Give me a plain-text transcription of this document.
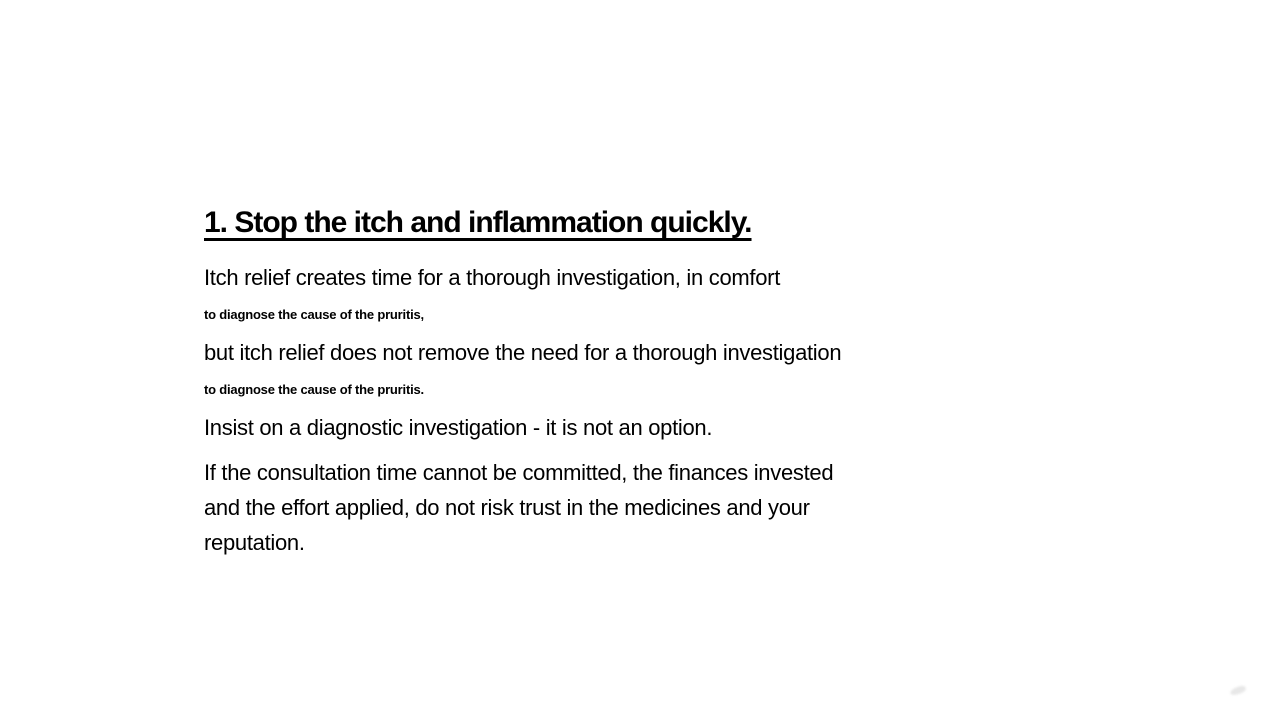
1. Stop the itch and inflammation quickly.

Itch relief creates time for a thorough investigation, in comfort

to diagnose the cause of the pruritis,

but itch relief does not remove the need for a thorough investigation

to diagnose the cause of the pruritis.

Insist on a diagnostic investigation - it is not an option.

If the consultation time cannot be committed, the finances invested
and the effort applied, do not risk trust in the medicines and your
reputation.
